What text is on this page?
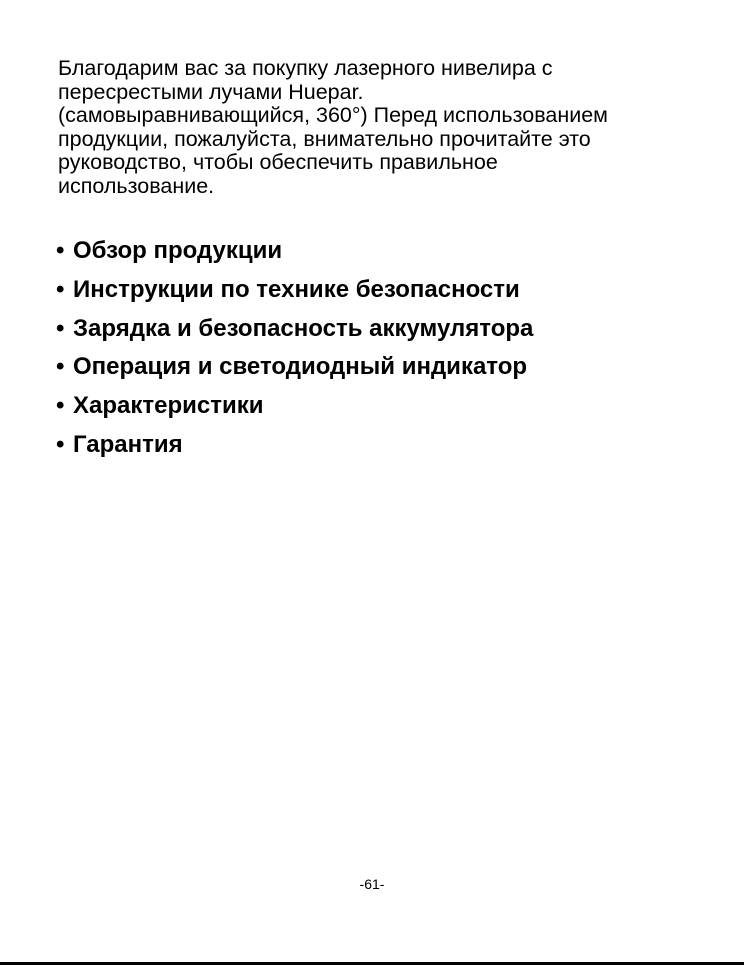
Благодарим вас за покупку лазерного нивелира с
пересрестыми лучами Huepar.
(самовыравнивающийся, 360°) Перед использованием
продукции, пожалуйста, внимательно прочитайте это
руководство, чтобы обеспечить правильное
использование.
• Обзор продукции
• Инструкции по технике безопасности
• Зарядка и безопасность аккумулятора
• Операция и светодиодный индикатор
• Характеристики
• Гарантия
-61-
